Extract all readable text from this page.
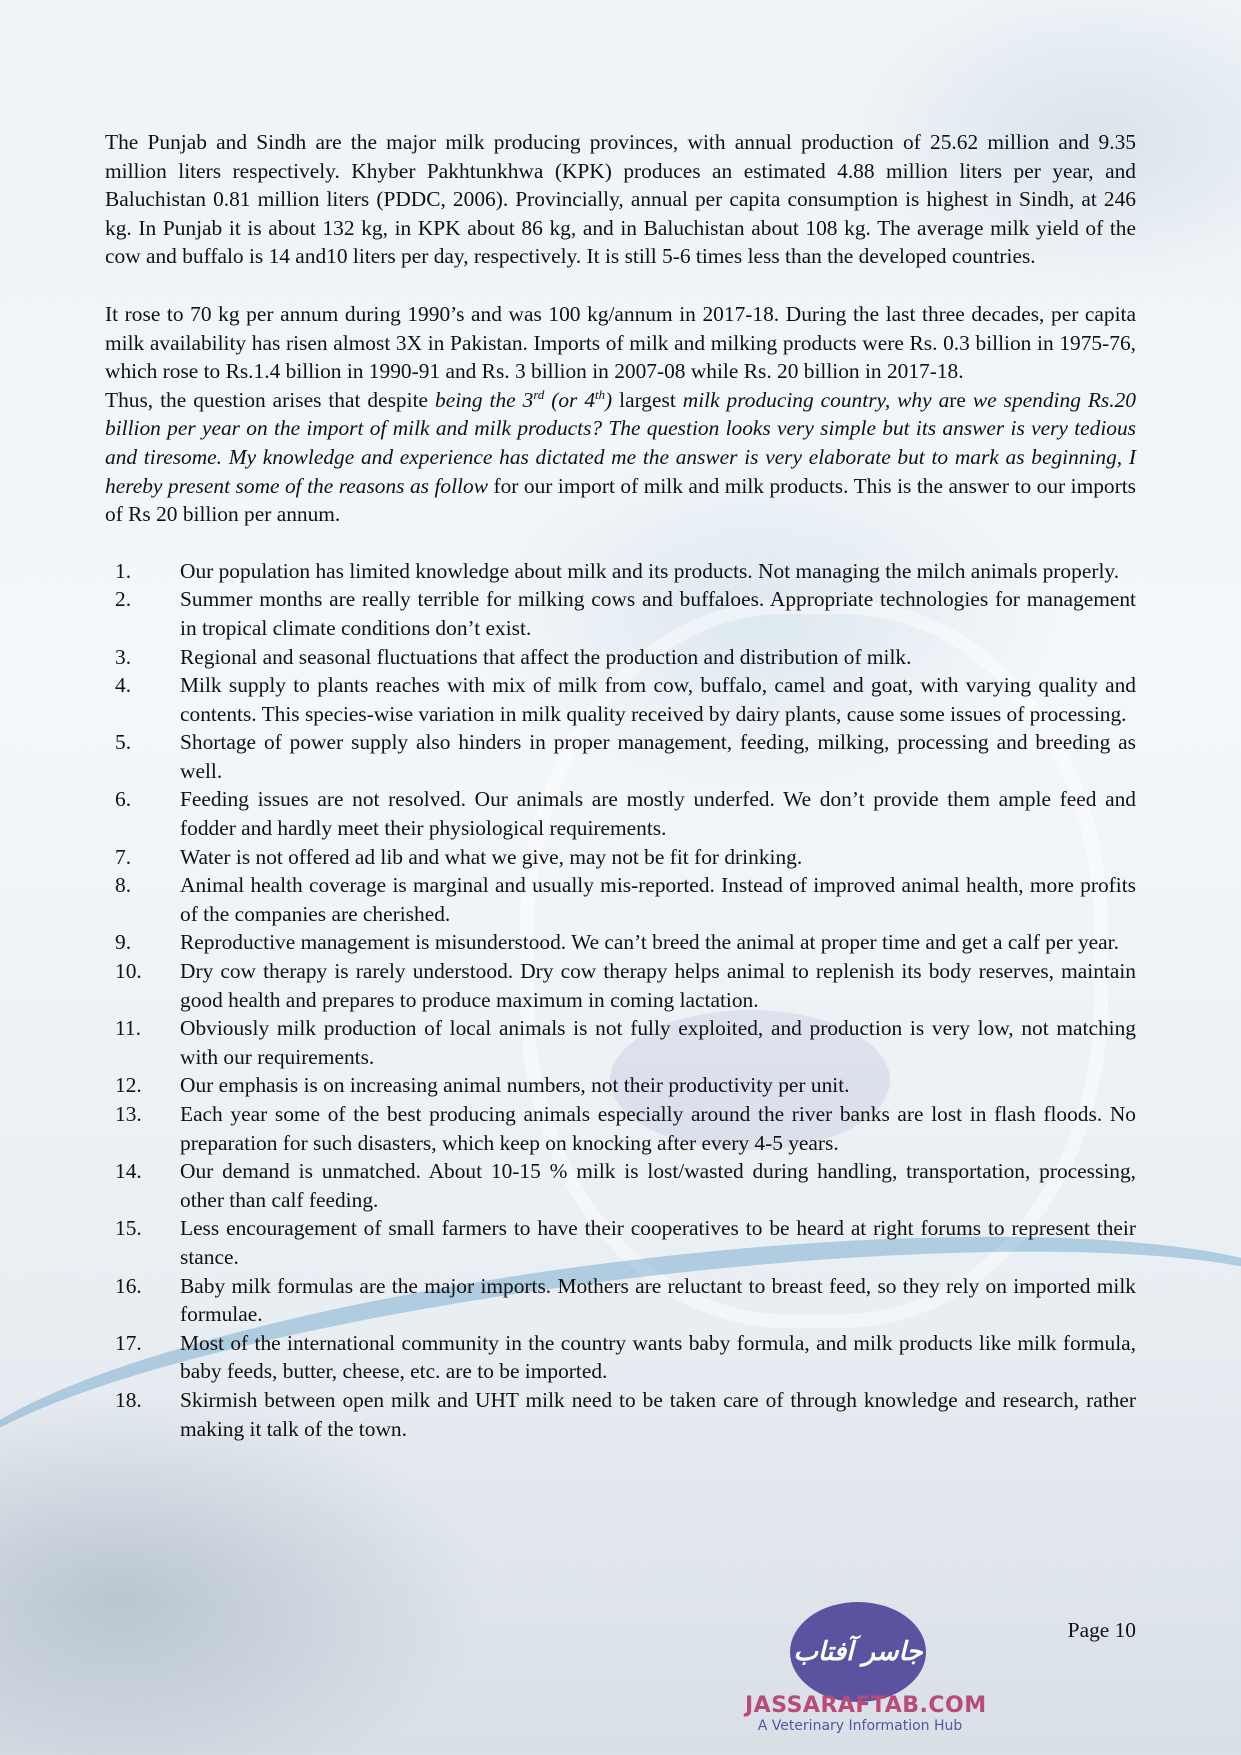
The Punjab and Sindh are the major milk producing provinces, with annual production of 25.62 million and 9.35 million liters respectively. Khyber Pakhtunkhwa (KPK) produces an estimated 4.88 million liters per year, and Baluchistan 0.81 million liters (PDDC, 2006). Provincially, annual per capita consumption is highest in Sindh, at 246 kg. In Punjab it is about 132 kg, in KPK about 86 kg, and in Baluchistan about 108 kg. The average milk yield of the cow and buffalo is 14 and10 liters per day, respectively. It is still 5-6 times less than the developed countries.

It rose to 70 kg per annum during 1990’s and was 100 kg/annum in 2017-18. During the last three decades, per capita milk availability has risen almost 3X in Pakistan. Imports of milk and milking products were Rs. 0.3 billion in 1975-76, which rose to Rs.1.4 billion in 1990-91 and Rs. 3 billion in 2007-08 while Rs. 20 billion in 2017-18.

Thus, the question arises that despite being the 3rd (or 4th) largest milk producing country, why are we spending Rs.20 billion per year on the import of milk and milk products? The question looks very simple but its answer is very tedious and tiresome. My knowledge and experience has dictated me the answer is very elaborate but to mark as beginning, I hereby present some of the reasons as follow for our import of milk and milk products. This is the answer to our imports of Rs 20 billion per annum.

1.	Our population has limited knowledge about milk and its products. Not managing the milch animals properly.
2.	Summer months are really terrible for milking cows and buffaloes. Appropriate technologies for management in tropical climate conditions don’t exist.
3.	Regional and seasonal fluctuations that affect the production and distribution of milk.
4.	Milk supply to plants reaches with mix of milk from cow, buffalo, camel and goat, with varying quality and contents. This species-wise variation in milk quality received by dairy plants, cause some issues of processing.
5.	Shortage of power supply also hinders in proper management, feeding, milking, processing and breeding as well.
6.	Feeding issues are not resolved. Our animals are mostly underfed. We don’t provide them ample feed and fodder and hardly meet their physiological requirements.
7.	Water is not offered ad lib and what we give, may not be fit for drinking.
8.	Animal health coverage is marginal and usually mis-reported. Instead of improved animal health, more profits of the companies are cherished.
9.	Reproductive management is misunderstood. We can’t breed the animal at proper time and get a calf per year.
10.	Dry cow therapy is rarely understood. Dry cow therapy helps animal to replenish its body reserves, maintain good health and prepares to produce maximum in coming lactation.
11.	Obviously milk production of local animals is not fully exploited, and production is very low, not matching with our requirements.
12.	Our emphasis is on increasing animal numbers, not their productivity per unit.
13.	Each year some of the best producing animals especially around the river banks are lost in flash floods. No preparation for such disasters, which keep on knocking after every 4-5 years.
14.	Our demand is unmatched. About 10-15 % milk is lost/wasted during handling, transportation, processing, other than calf feeding.
15.	Less encouragement of small farmers to have their cooperatives to be heard at right forums to represent their stance.
16.	Baby milk formulas are the major imports. Mothers are reluctant to breast feed, so they rely on imported milk formulae.
17.	Most of the international community in the country wants baby formula, and milk products like milk formula, baby feeds, butter, cheese, etc. are to be imported.
18.	Skirmish between open milk and UHT milk need to be taken care of through knowledge and research, rather making it talk of the town.
جاسر آفتاب
JASSARAFTAB.COM
A Veterinary Information Hub
Page 10
